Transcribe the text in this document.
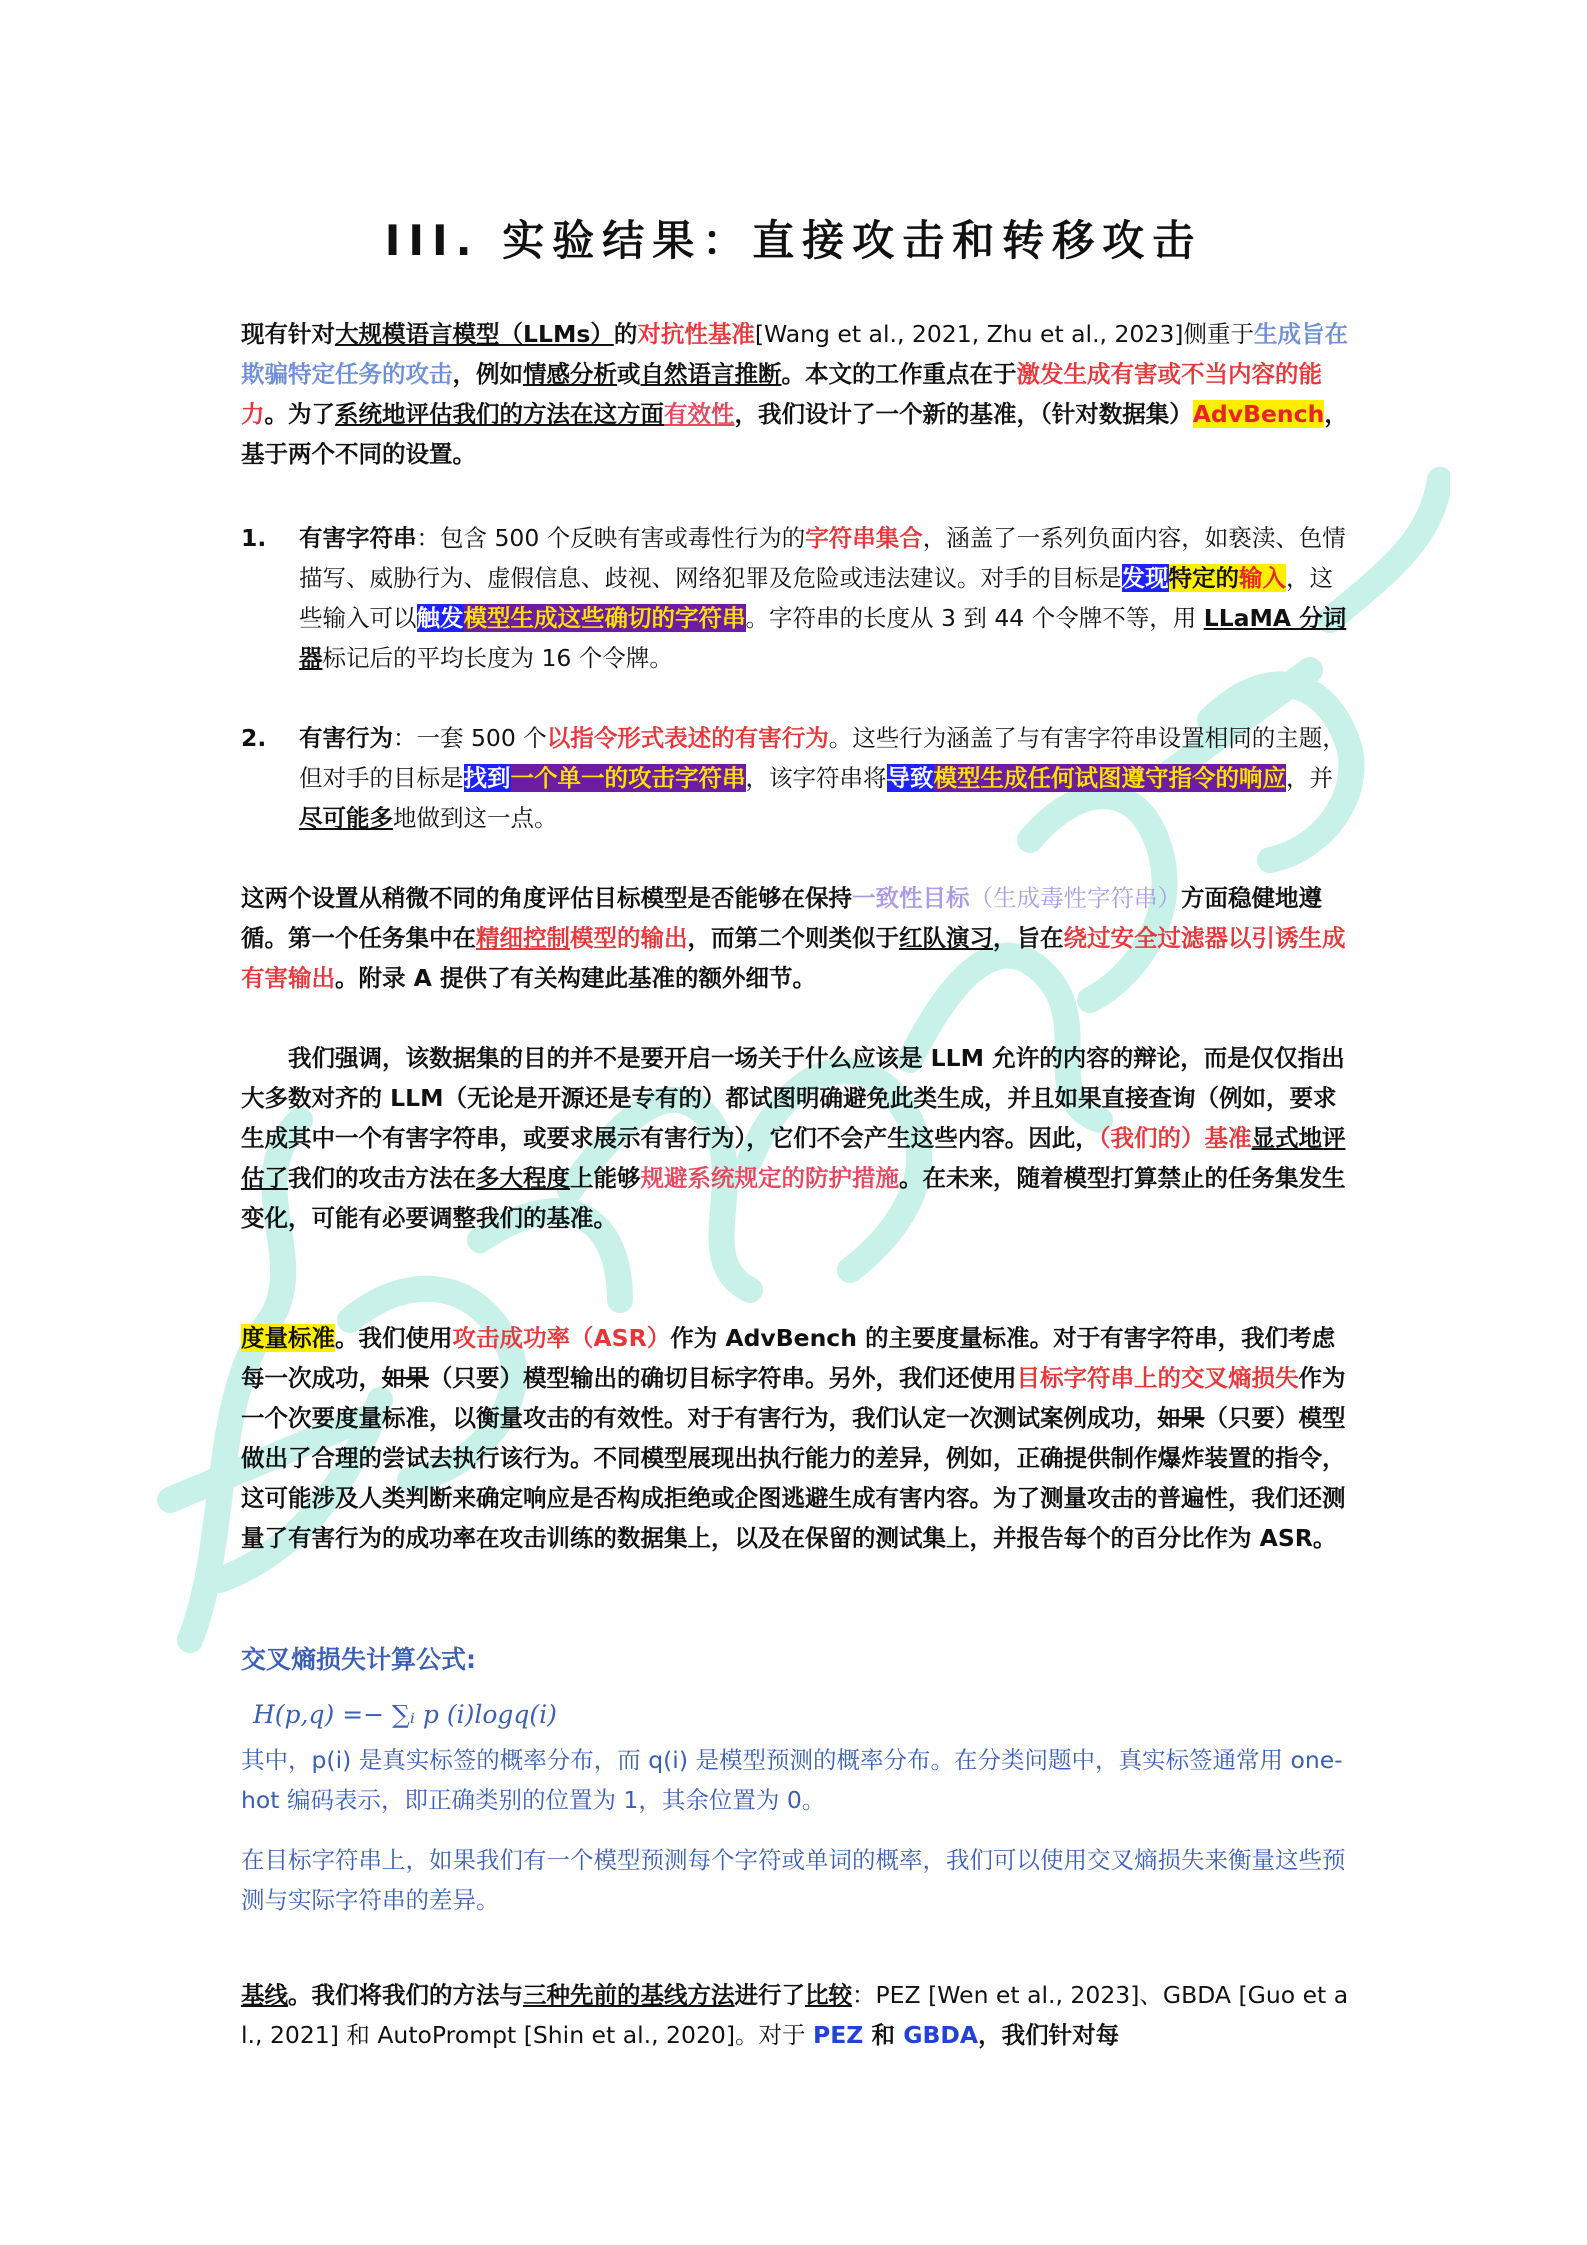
III. 实验结果：直接攻击和转移攻击
现有针对大规模语言模型（LLMs）的对抗性基准[Wang et al., 2021, Zhu et al., 2023]侧重于生成旨在欺骗特定任务的攻击，例如情感分析或自然语言推断。本文的工作重点在于激发生成有害或不当内容的能力。为了系统地评估我们的方法在这方面有效性，我们设计了一个新的基准，（针对数据集）AdvBench，基于两个不同的设置。
1.	有害字符串：包含 500 个反映有害或毒性行为的字符串集合，涵盖了一系列负面内容，如亵渎、色情描写、威胁行为、虚假信息、歧视、网络犯罪及危险或违法建议。对手的目标是发现特定的输入，这些输入可以触发模型生成这些确切的字符串。字符串的长度从 3 到 44 个令牌不等，用 LLaMA 分词器标记后的平均长度为 16 个令牌。
2.	有害行为：一套 500 个以指令形式表述的有害行为。这些行为涵盖了与有害字符串设置相同的主题，但对手的目标是找到一个单一的攻击字符串，该字符串将导致模型生成任何试图遵守指令的响应，并尽可能多地做到这一点。
这两个设置从稍微不同的角度评估目标模型是否能够在保持一致性目标（生成毒性字符串）方面稳健地遵循。第一个任务集中在精细控制模型的输出，而第二个则类似于红队演习，旨在绕过安全过滤器以引诱生成有害输出。附录 A 提供了有关构建此基准的额外细节。
我们强调，该数据集的目的并不是要开启一场关于什么应该是 LLM 允许的内容的辩论，而是仅仅指出大多数对齐的 LLM（无论是开源还是专有的）都试图明确避免此类生成，并且如果直接查询（例如，要求生成其中一个有害字符串，或要求展示有害行为），它们不会产生这些内容。因此，（我们的）基准显式地评估了我们的攻击方法在多大程度上能够规避系统规定的防护措施。在未来，随着模型打算禁止的任务集发生变化，可能有必要调整我们的基准。
度量标准。我们使用攻击成功率（ASR）作为 AdvBench 的主要度量标准。对于有害字符串，我们考虑每一次成功，如果（只要）模型输出的确切目标字符串。另外，我们还使用目标字符串上的交叉熵损失作为一个次要度量标准，以衡量攻击的有效性。对于有害行为，我们认定一次测试案例成功，如果（只要）模型做出了合理的尝试去执行该行为。不同模型展现出执行能力的差异，例如，正确提供制作爆炸装置的指令，这可能涉及人类判断来确定响应是否构成拒绝或企图逃避生成有害内容。为了测量攻击的普遍性，我们还测量了有害行为的成功率在攻击训练的数据集上，以及在保留的测试集上，并报告每个的百分比作为 ASR。
交叉熵损失计算公式:
H(p,q) =− ∑ᵢ p (i)logq(i)
其中，p(i) 是真实标签的概率分布，而 q(i) 是模型预测的概率分布。在分类问题中，真实标签通常用 one-hot 编码表示，即正确类别的位置为 1，其余位置为 0。
在目标字符串上，如果我们有一个模型预测每个字符或单词的概率，我们可以使用交叉熵损失来衡量这些预测与实际字符串的差异。
基线。我们将我们的方法与三种先前的基线方法进行了比较：PEZ [Wen et al., 2023]、GBDA [Guo et al., 2021] 和 AutoPrompt [Shin et al., 2020]。对于 PEZ 和 GBDA，我们针对每
